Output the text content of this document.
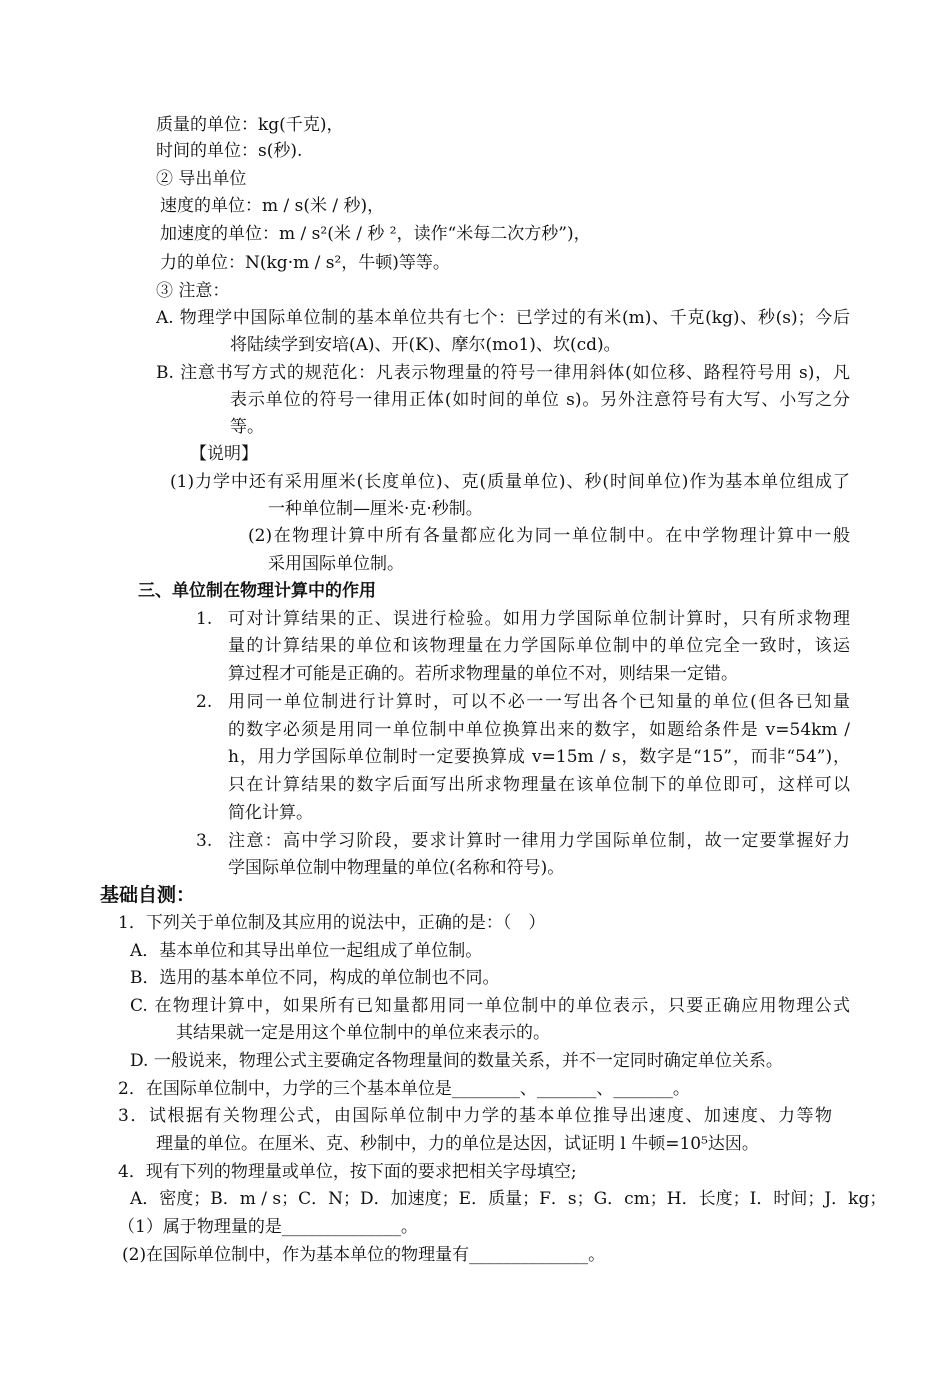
质量的单位：kg(千克)，

时间的单位：s(秒).

② 导出单位

速度的单位：m / s(米 / 秒)，

加速度的单位：m / s²(米 / 秒 ²，读作“米每二次方秒”)，

力的单位：N(kg·m / s²，牛顿)等等。

③ 注意：

A. 物理学中国际单位制的基本单位共有七个：已学过的有米(m)、千克(kg)、秒(s)；今后

将陆续学到安培(A)、开(K)、摩尔(mo1)、坎(cd)。

B. 注意书写方式的规范化：凡表示物理量的符号一律用斜体(如位移、路程符号用 s)，凡

表示单位的符号一律用正体(如时间的单位 s)。另外注意符号有大写、小写之分

等。

【说明】

(1)力学中还有采用厘米(长度单位)、克(质量单位)、秒(时间单位)作为基本单位组成了

一种单位制—厘米·克·秒制。

(2)在物理计算中所有各量都应化为同一单位制中。在中学物理计算中一般

采用国际单位制。

三、单位制在物理计算中的作用

1. 可对计算结果的正、误进行检验。如用力学国际单位制计算时，只有所求物理

量的计算结果的单位和该物理量在力学国际单位制中的单位完全一致时，该运

算过程才可能是正确的。若所求物理量的单位不对，则结果一定错。

2. 用同一单位制进行计算时，可以不必一一写出各个已知量的单位(但各已知量

的数字必须是用同一单位制中单位换算出来的数字，如题给条件是 v=54km /

h，用力学国际单位制时一定要换算成 v=15m / s，数字是“15”，而非“54”)，

只在计算结果的数字后面写出所求物理量在该单位制下的单位即可，这样可以

简化计算。

3. 注意：高中学习阶段，要求计算时一律用力学国际单位制，故一定要掌握好力

学国际单位制中物理量的单位(名称和符号)。

基础自测：

1．下列关于单位制及其应用的说法中，正确的是：（　）

A．基本单位和其导出单位一起组成了单位制。

B．选用的基本单位不同，构成的单位制也不同。

C. 在物理计算中，如果所有已知量都用同一单位制中的单位表示，只要正确应用物理公式

其结果就一定是用这个单位制中的单位来表示的。

D. 一般说来，物理公式主要确定各物理量间的数量关系，并不一定同时确定单位关系。

2．在国际单位制中，力学的三个基本单位是________、_______、_______。

3．试根据有关物理公式，由国际单位制中力学的基本单位推导出速度、加速度、力等物

理量的单位。在厘米、克、秒制中，力的单位是达因，试证明 l 牛顿=10⁵达因。

4．现有下列的物理量或单位，按下面的要求把相关字母填空;

A．密度；B．m / s；C．N；D．加速度；E．质量；F．s；G．cm；H．长度；I．时间；J．kg；

（1）属于物理量的是______________。

(2)在国际单位制中，作为基本单位的物理量有______________。
